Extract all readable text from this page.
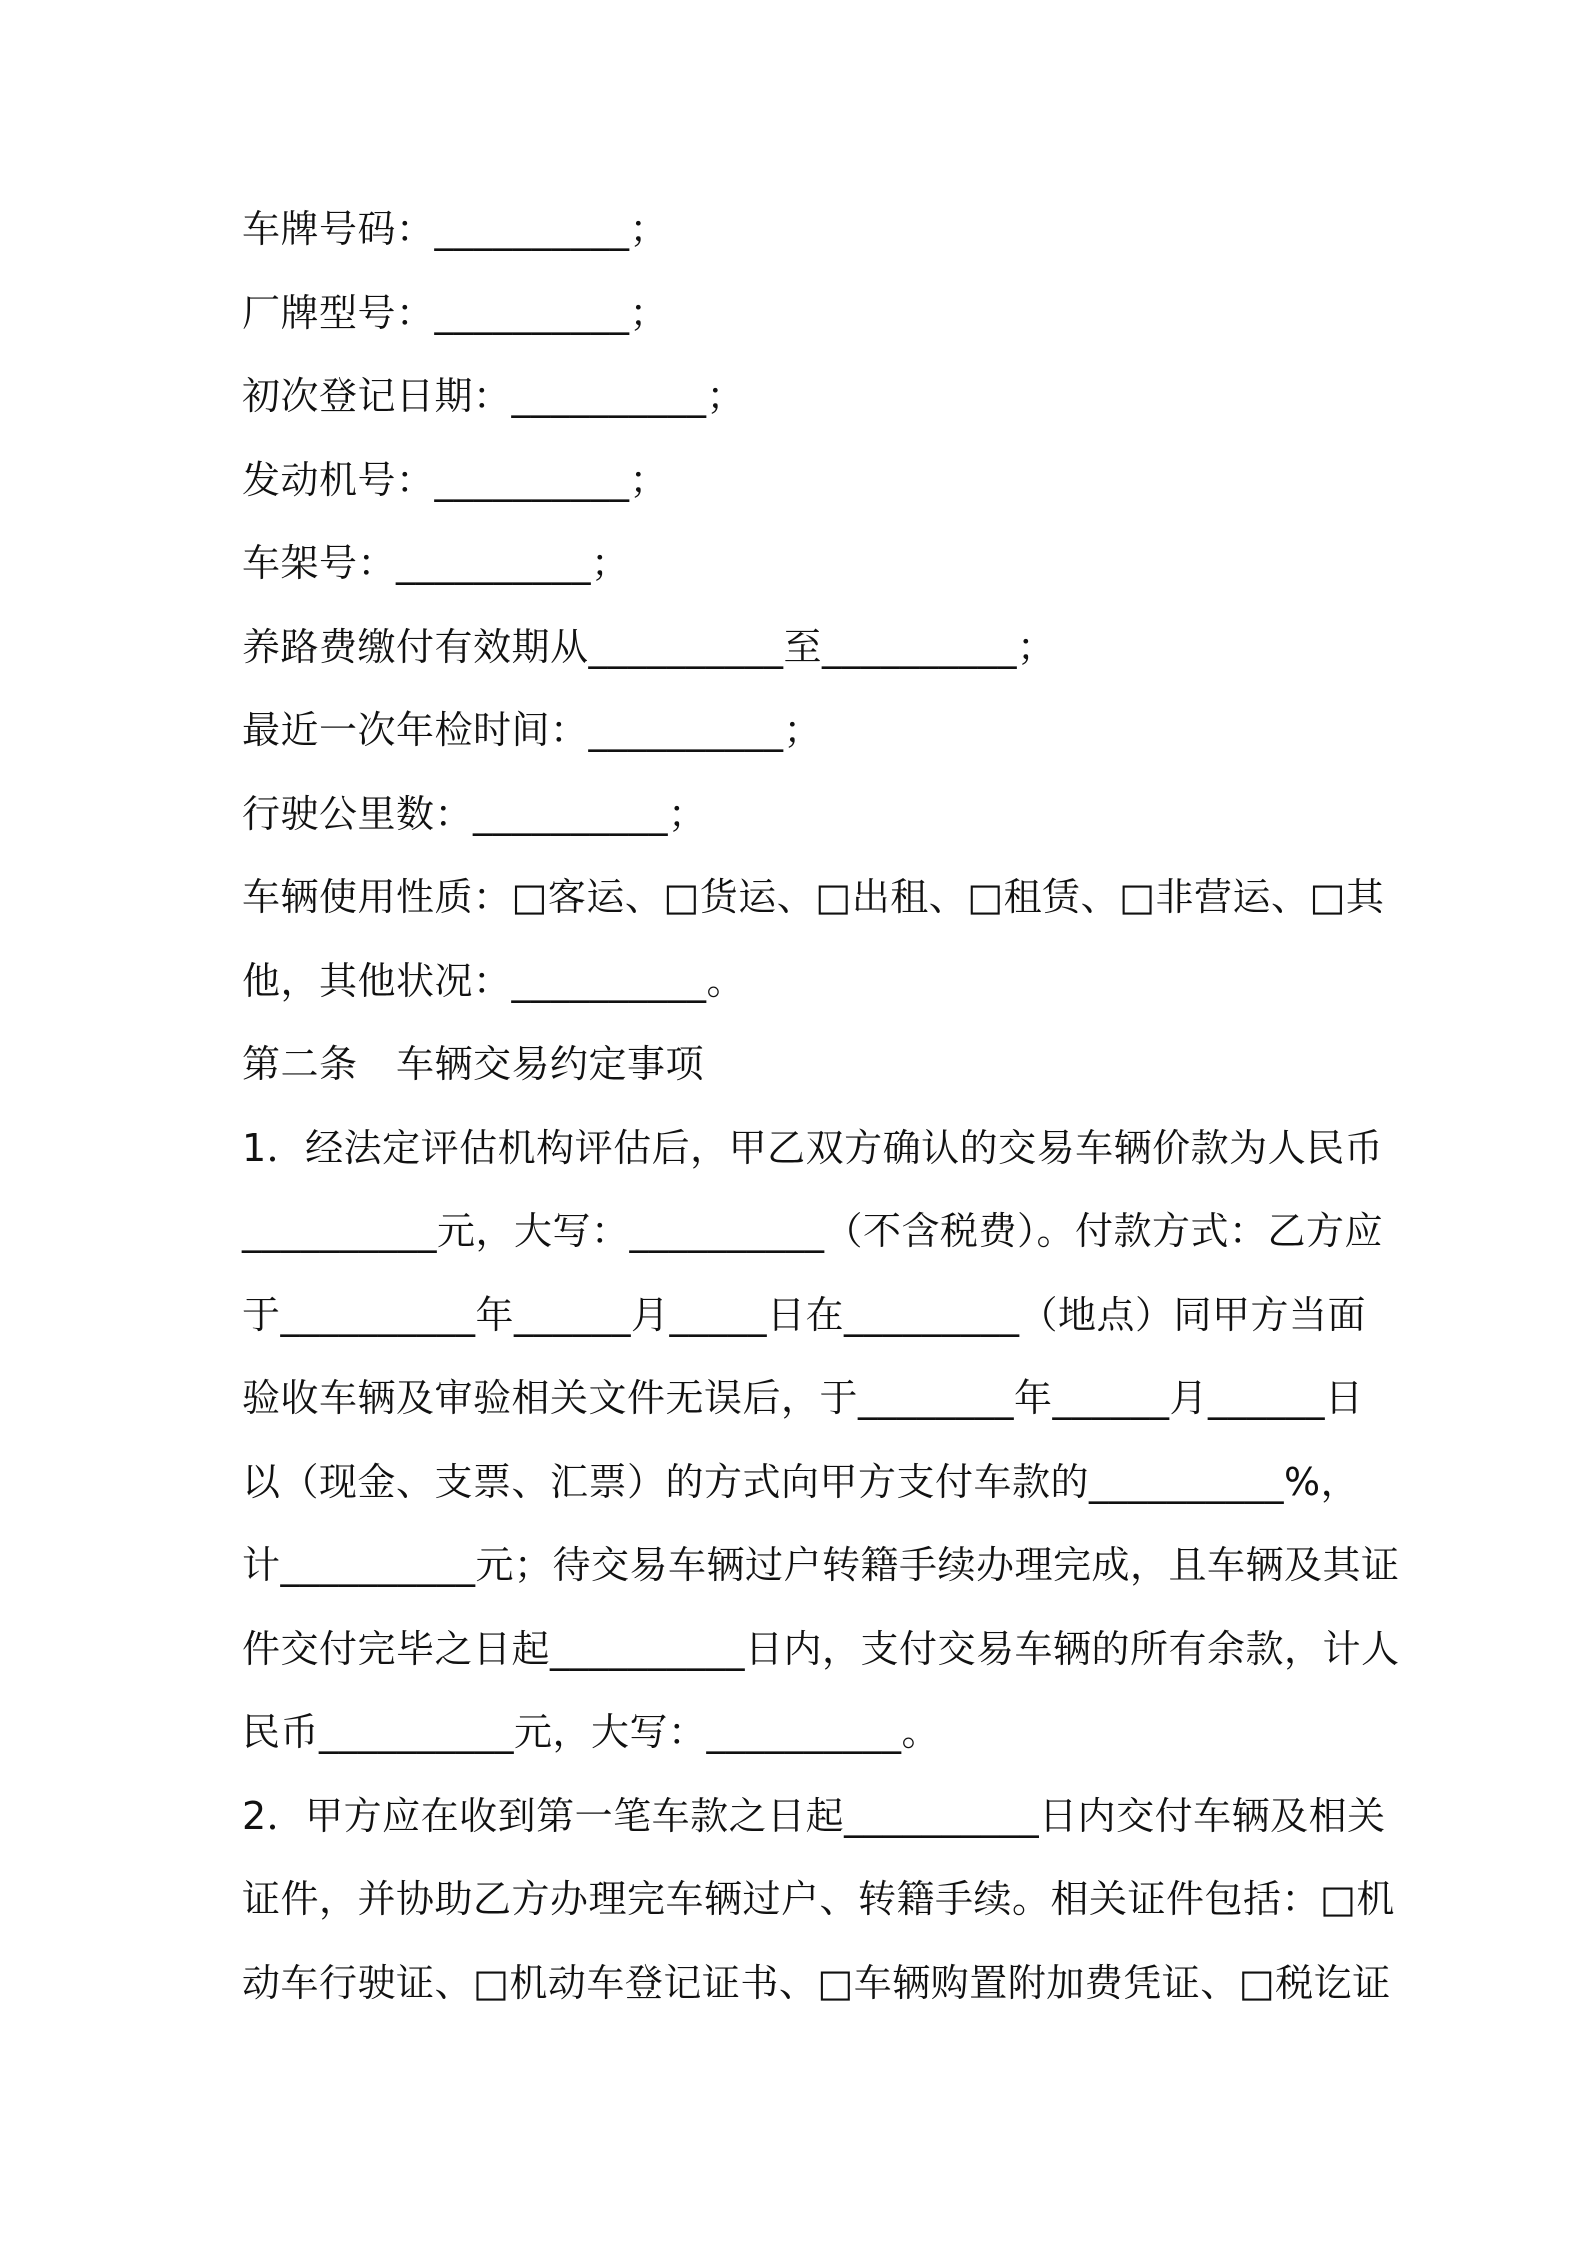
车牌号码：__________；
厂牌型号：__________；
初次登记日期：__________；
发动机号：__________；
车架号：__________；
养路费缴付有效期从__________至__________；
最近一次年检时间：__________；
行驶公里数：__________；
车辆使用性质：□客运、□货运、□出租、□租赁、□非营运、□其
他，其他状况：__________。
第二条　车辆交易约定事项
1．经法定评估机构评估后，甲乙双方确认的交易车辆价款为人民币
__________元，大写：__________（不含税费）。付款方式：乙方应
于__________年______月_____日在_________（地点）同甲方当面
验收车辆及审验相关文件无误后，于________年______月______日
以（现金、支票、汇票）的方式向甲方支付车款的__________%，
计__________元；待交易车辆过户转籍手续办理完成，且车辆及其证
件交付完毕之日起__________日内，支付交易车辆的所有余款，计人
民币__________元，大写：__________。
2．甲方应在收到第一笔车款之日起__________日内交付车辆及相关
证件，并协助乙方办理完车辆过户、转籍手续。相关证件包括：□机
动车行驶证、□机动车登记证书、□车辆购置附加费凭证、□税讫证
